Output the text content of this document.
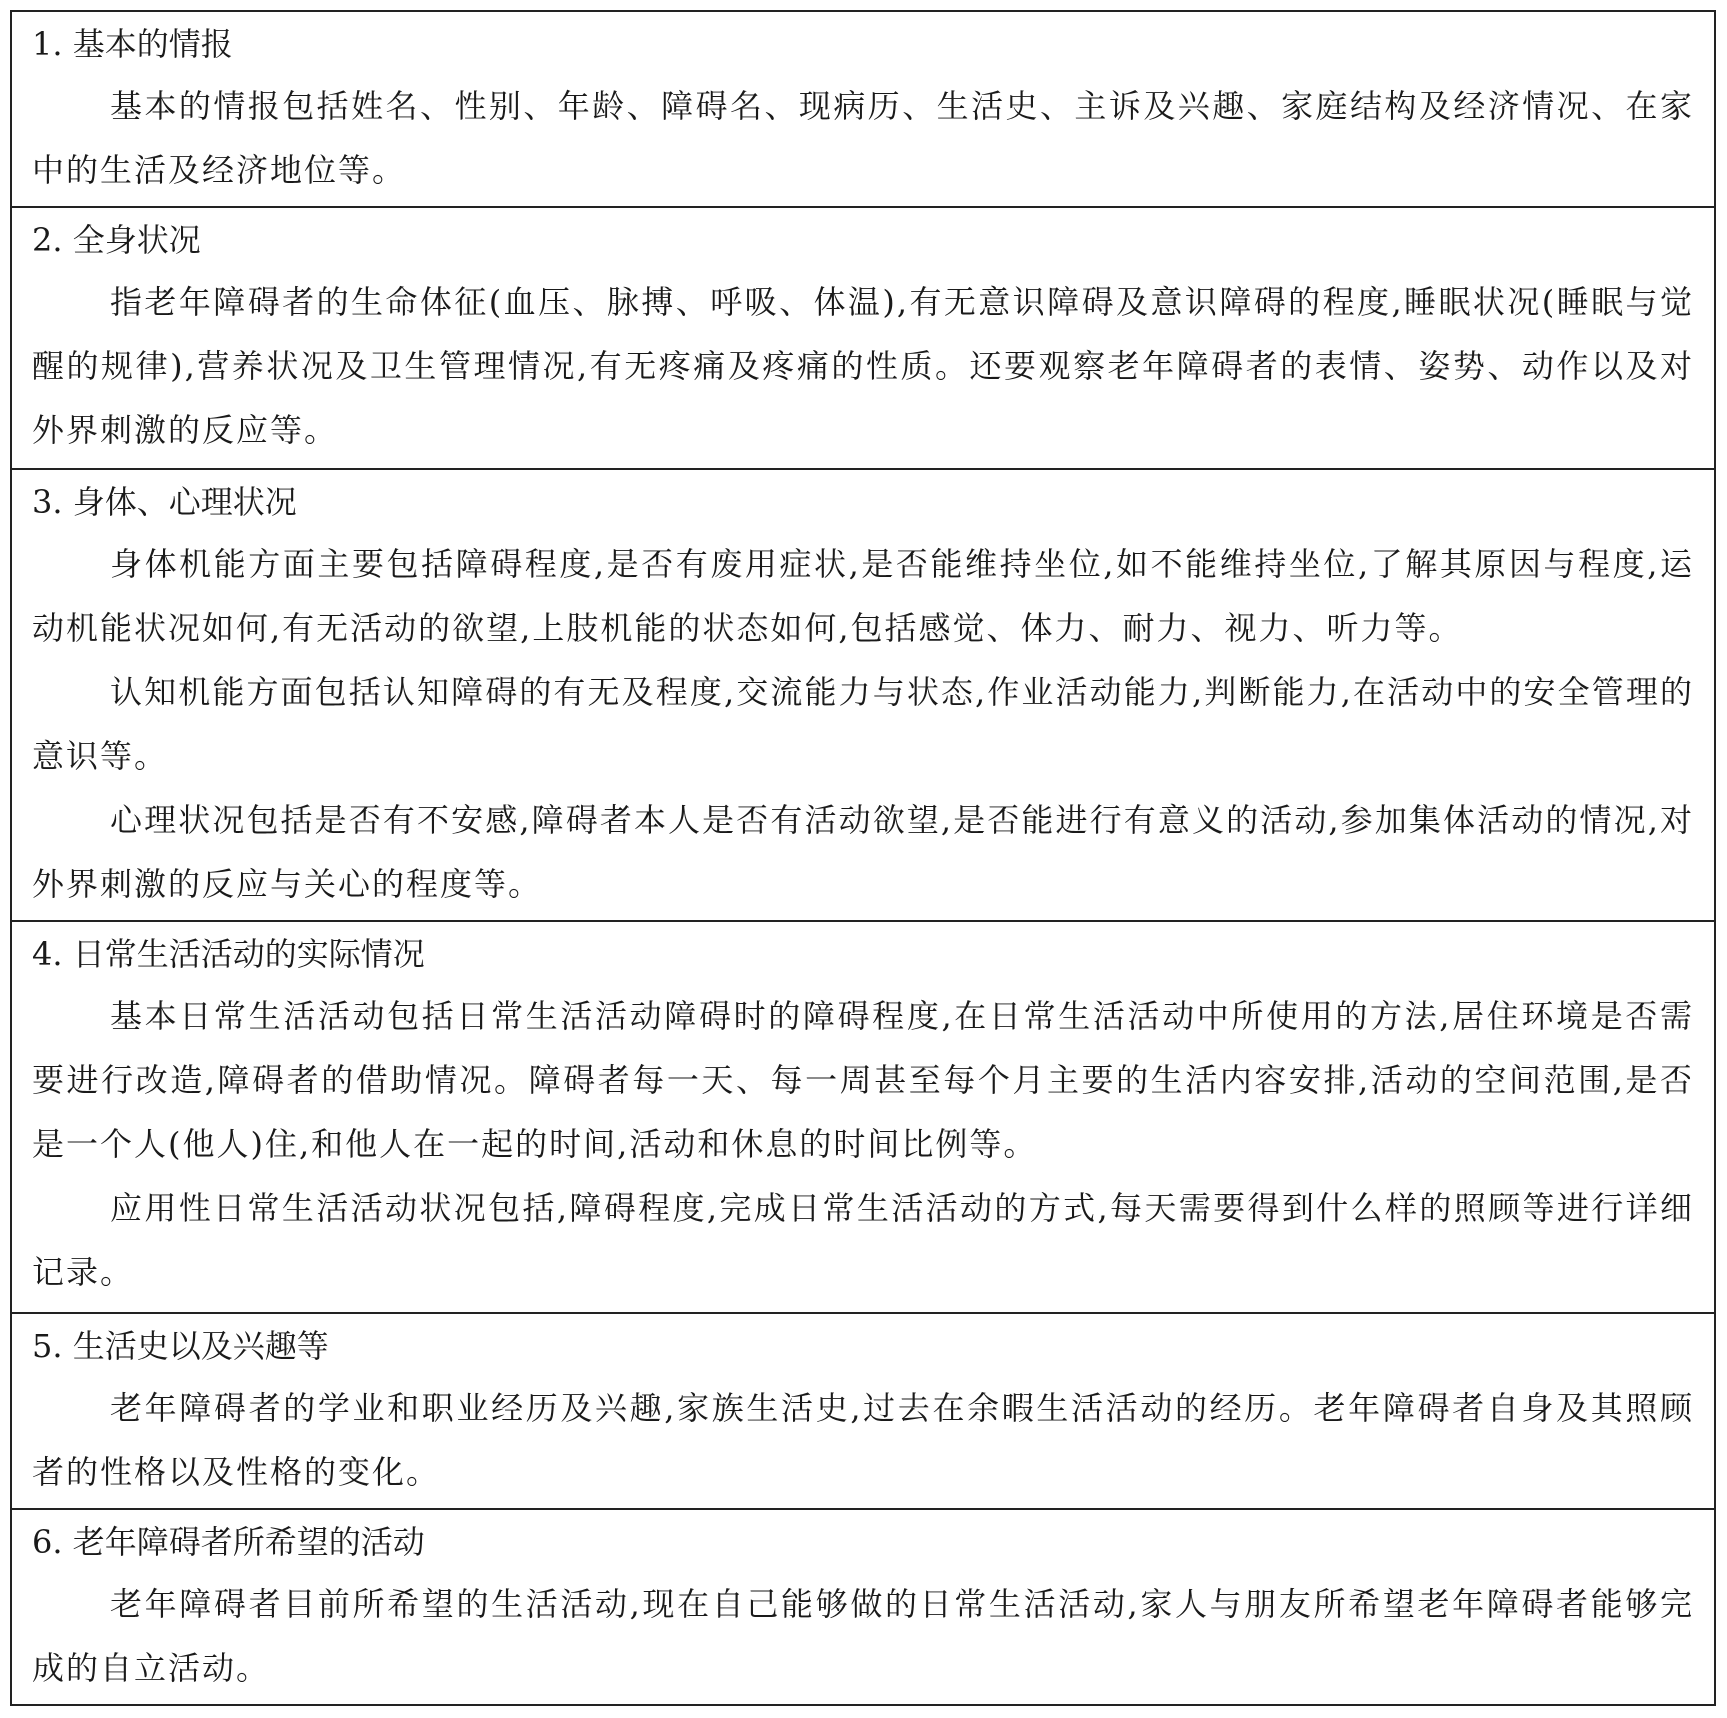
1. 基本的情报

基本的情报包括姓名、性别、年龄、障碍名、现病历、生活史、主诉及兴趣、家庭结构及经济情况、在家中的生活及经济地位等。

2. 全身状况

指老年障碍者的生命体征(血压、脉搏、呼吸、体温),有无意识障碍及意识障碍的程度,睡眠状况(睡眠与觉醒的规律),营养状况及卫生管理情况,有无疼痛及疼痛的性质。还要观察老年障碍者的表情、姿势、动作以及对外界刺激的反应等。

3. 身体、心理状况

身体机能方面主要包括障碍程度,是否有废用症状,是否能维持坐位,如不能维持坐位,了解其原因与程度,运动机能状况如何,有无活动的欲望,上肢机能的状态如何,包括感觉、体力、耐力、视力、听力等。

认知机能方面包括认知障碍的有无及程度,交流能力与状态,作业活动能力,判断能力,在活动中的安全管理的意识等。

心理状况包括是否有不安感,障碍者本人是否有活动欲望,是否能进行有意义的活动,参加集体活动的情况,对外界刺激的反应与关心的程度等。

4. 日常生活活动的实际情况

基本日常生活活动包括日常生活活动障碍时的障碍程度,在日常生活活动中所使用的方法,居住环境是否需要进行改造,障碍者的借助情况。障碍者每一天、每一周甚至每个月主要的生活内容安排,活动的空间范围,是否是一个人(他人)住,和他人在一起的时间,活动和休息的时间比例等。

应用性日常生活活动状况包括,障碍程度,完成日常生活活动的方式,每天需要得到什么样的照顾等进行详细记录。

5. 生活史以及兴趣等

老年障碍者的学业和职业经历及兴趣,家族生活史,过去在余暇生活活动的经历。老年障碍者自身及其照顾者的性格以及性格的变化。

6. 老年障碍者所希望的活动

老年障碍者目前所希望的生活活动,现在自己能够做的日常生活活动,家人与朋友所希望老年障碍者能够完成的自立活动。
